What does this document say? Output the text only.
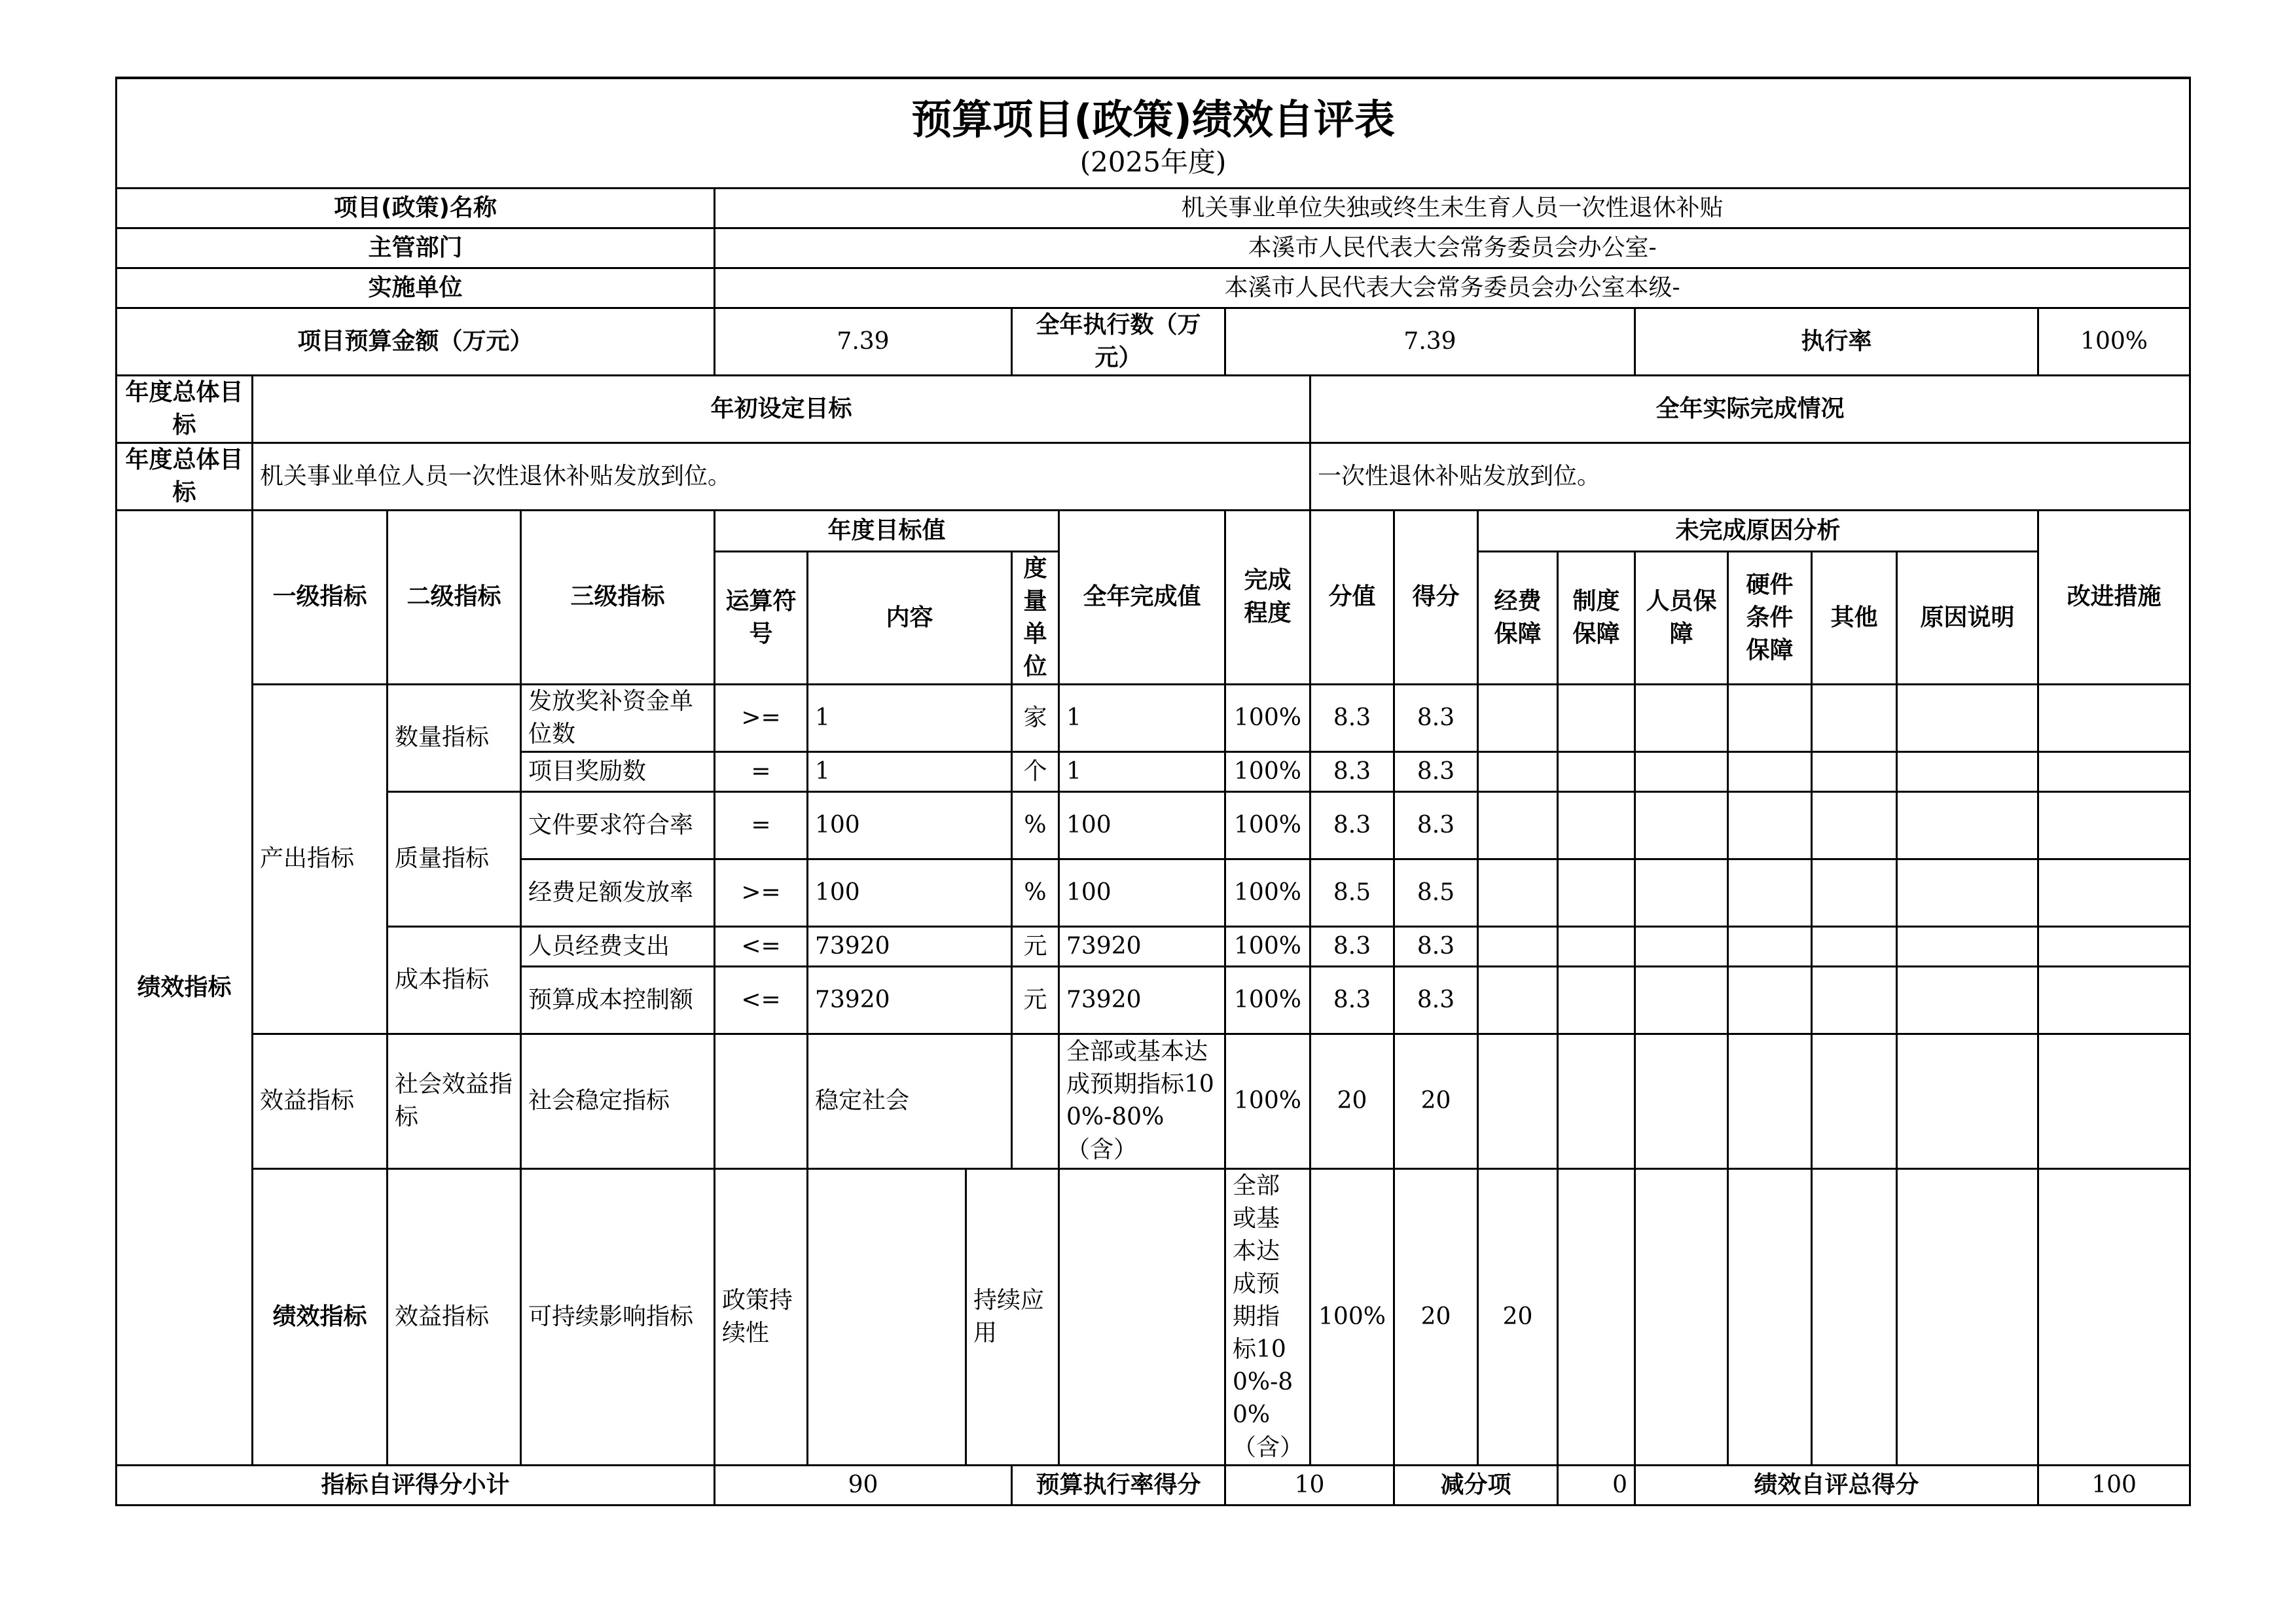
预算项目(政策)绩效自评表
(2025年度)																			

项目(政策)名称				机关事业单位失独或终生未生育人员一次性退休补贴															
主管部门				本溪市人民代表大会常务委员会办公室-															
实施单位				本溪市人民代表大会常务委员会办公室本级-															
项目预算金额（万元）				7.39			全年执行数（万元）		7.39					执行率				100%	
年度总体目标	年初设定目标									全年实际完成情况									
年度总体目标	机关事业单位人员一次性退休补贴发放到位。									一次性退休补贴发放到位。									
绩效指标	一级指标	二级指标	三级指标	年度目标值				全年完成值	完成程度	分值	得分	未完成原因分析						改进措施	
				运算符号	内容		度量单位					经费保障	制度保障	人员保障	硬件条件保障	其他	原因说明		
	产出指标	数量指标	发放奖补资金单位数	>=	1		家	1	100%	8.3	8.3								
			项目奖励数	=	1		个	1	100%	8.3	8.3								
		质量指标	文件要求符合率	=	100		%	100	100%	8.3	8.3								
			经费足额发放率	>=	100		%	100	100%	8.5	8.5								
		成本指标	人员经费支出	<=	73920		元	73920	100%	8.3	8.3								
			预算成本控制额	<=	73920		元	73920	100%	8.3	8.3								
	效益指标	社会效益指标	社会稳定指标		稳定社会			全部或基本达成预期指标100%-80%（含）	100%	20	20								
	绩效指标	效益指标	可持续影响指标	政策持续性		持续应用			全部或基本达成预期指标100%-80%（含）	100%	20	20							
指标自评得分小计				90			预算执行率得分		10		减分项		0	绩效自评总得分				100	
